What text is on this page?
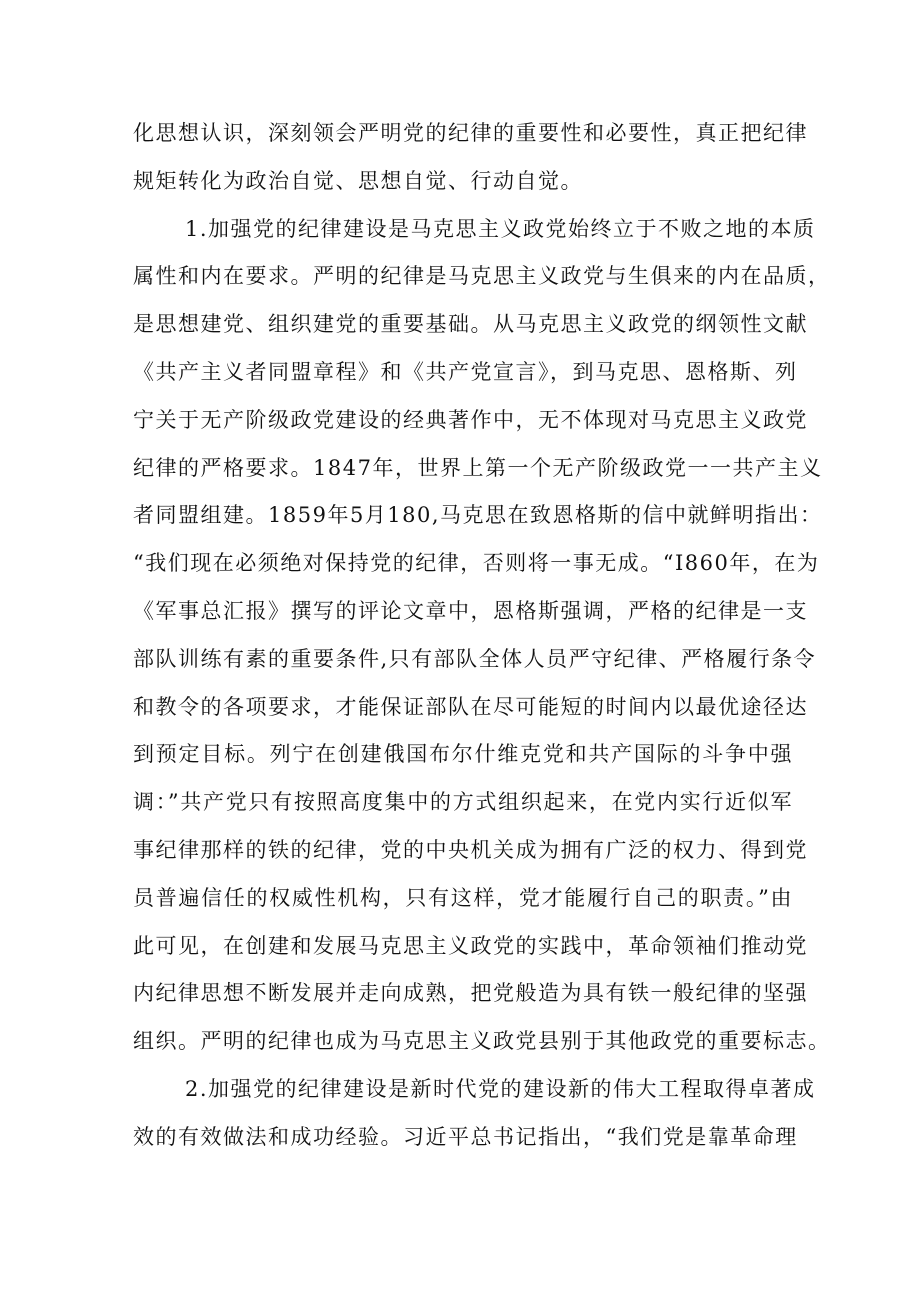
化思想认识，深刻领会严明党的纪律的重要性和必要性，真正把纪律
规矩转化为政治自觉、思想自觉、行动自觉。
1.加强党的纪律建设是马克思主义政党始终立于不败之地的本质
属性和内在要求。严明的纪律是马克思主义政党与生俱来的内在品质，
是思想建党、组织建党的重要基础。从马克思主义政党的纲领性文献
《共产主义者同盟章程》和《共产党宣言》，到马克思、恩格斯、列
宁关于无产阶级政党建设的经典著作中，无不体现对马克思主义政党
纪律的严格要求。1847年，世界上第一个无产阶级政党一一共产主义
者同盟组建。1859年5月180,马克思在致恩格斯的信中就鲜明指出：
“我们现在必须绝对保持党的纪律，否则将一事无成。“I860年，在为
《军事总汇报》撰写的评论文章中，恩格斯强调，严格的纪律是一支
部队训练有素的重要条件,只有部队全体人员严守纪律、严格履行条令
和教令的各项要求，才能保证部队在尽可能短的时间内以最优途径达
到预定目标。列宁在创建俄国布尔什维克党和共产国际的斗争中强
调：”共产党只有按照高度集中的方式组织起来，在党内实行近似军
事纪律那样的铁的纪律，党的中央机关成为拥有广泛的权力、得到党
员普遍信任的权威性机构，只有这样，党才能履行自己的职责。”由
此可见，在创建和发展马克思主义政党的实践中，革命领袖们推动党
内纪律思想不断发展并走向成熟，把党般造为具有铁一般纪律的坚强
组织。严明的纪律也成为马克思主义政党县别于其他政党的重要标志。
2.加强党的纪律建设是新时代党的建设新的伟大工程取得卓著成
效的有效做法和成功经验。习近平总书记指出，“我们党是靠革命理
